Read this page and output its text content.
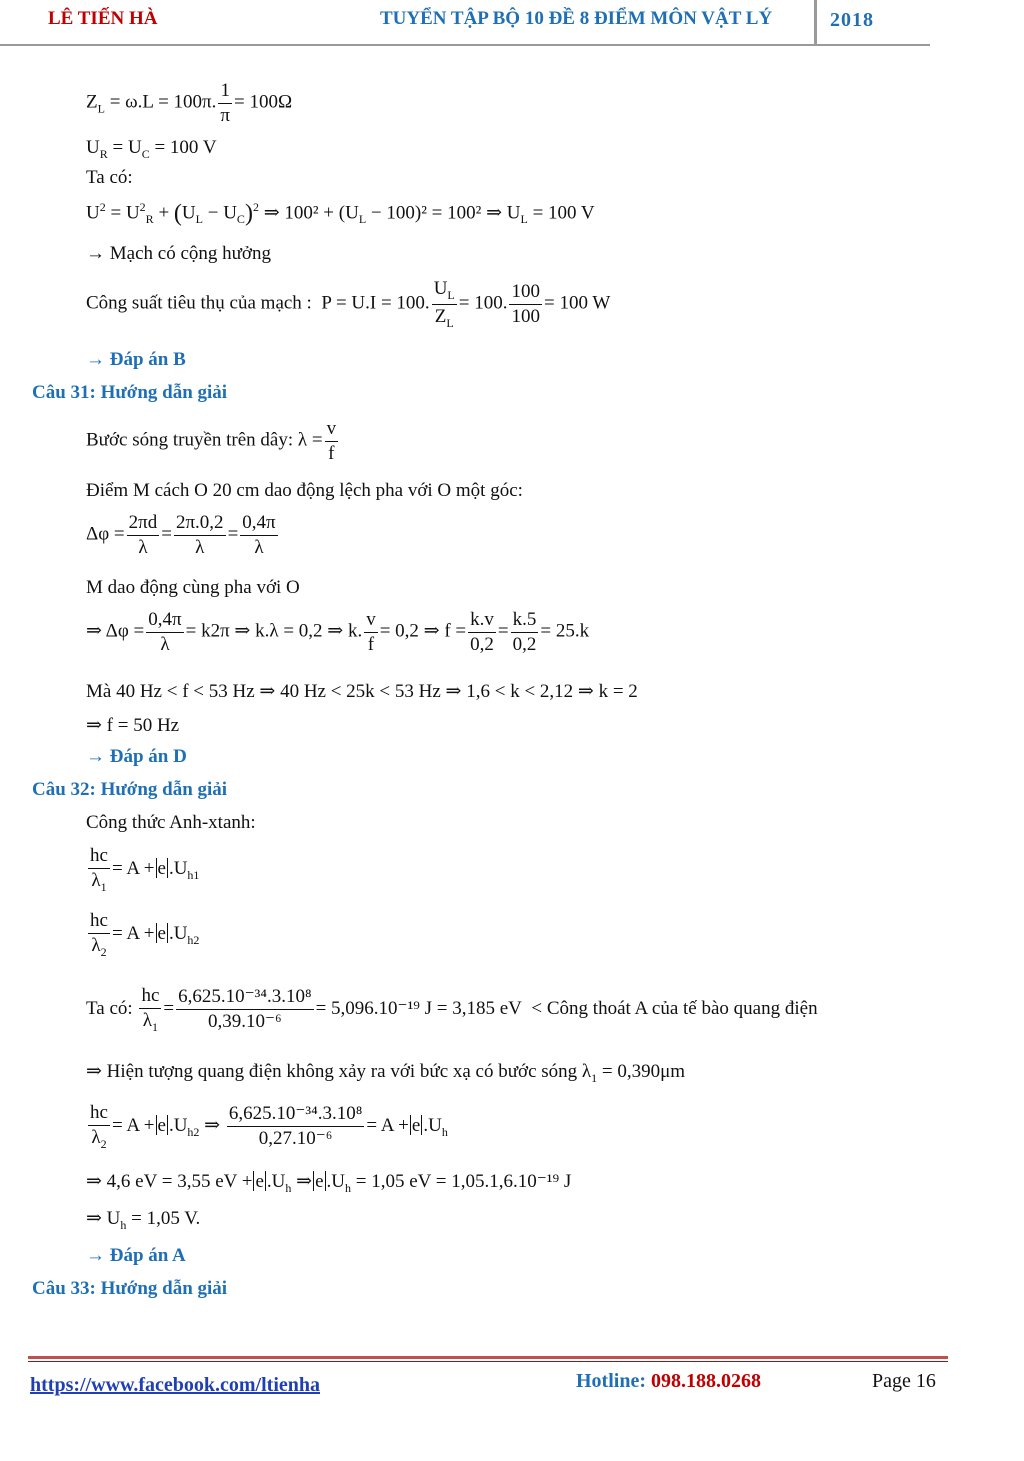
LÊ TIẾN HÀ	TUYỂN TẬP BỘ 10 ĐỀ 8 ĐIỂM MÔN VẬT LÝ	2018
$Z_L = \omega.L = 100\pi$. $\frac{1}{\pi} = 100\Omega$
$U_R = U_C = 100$ V
Ta có:
$U^2 = U^2_R + (U_L - U_C)^2$ ⇒ $100^2 + (U_L - 100)^2 = 100^2$ ⇒ $U_L = 100$ V
→ Mạch có cộng hưởng
Công suất tiêu thụ của mạch : P = U.I = 100. $\frac{U_L}{Z_L} = 100$. $\frac{100}{100} = 100$ W
→ Đáp án B
Câu 31: Hướng dẫn giải
Bước sóng truyền trên dây: $\lambda = \frac{v}{f}$
Điểm M cách O 20 cm dao động lệch pha với O một góc:
$\Delta\varphi = \frac{2\pi d}{\lambda} = \frac{2\pi.0,2}{\lambda} = \frac{0,4\pi}{\lambda}$
M dao động cùng pha với O
⇒ $\Delta\varphi = \frac{0,4\pi}{\lambda} = k2\pi$ ⇒ k.λ = 0,2 ⇒ k. $\frac{v}{f} = 0,2$ ⇒ $f = \frac{k.v}{0,2} = \frac{k.5}{0,2} = 25.k$
Mà 40 Hz < f < 53 Hz ⇒ 40 Hz < 25k < 53 Hz ⇒ 1,6 < k < 2,12 ⇒ k = 2
⇒ f = 50 Hz
→ Đáp án D
Câu 32: Hướng dẫn giải
Công thức Anh-xtanh:
$\frac{hc}{\lambda_1} = A + e$ $.U_{h1}$
$\frac{hc}{\lambda_2} = A + e$ $.U_{h2}$
Ta có: $\frac{hc}{\lambda_1} = \frac{\text{6,625.10⁻³⁴.3.10⁸}}{\text{0,39.10⁻⁶}} = 5,096.10^{-19}$ J = 3,185 eV < Công thoát A của tế bào quang điện
⇒ Hiện tượng quang điện không xảy ra với bức xạ có bước sóng $\lambda_1 = 0,390\mu m$
$\frac{hc}{\lambda_2} = A + e$ $.U_{h2}$ ⇒ $\frac{\text{6,625.10⁻³⁴.3.10⁸}}{\text{0,27.10⁻⁶}} = A + e$ $.U_h$
⇒ 4,6 eV = 3,55 eV + e $.U_h$ ⇒ e $.U_h = 1,05$ eV = 1,05.1,6.10⁻¹⁹ J
⇒ $U_h = 1,05$ V.
→ Đáp án A
Câu 33: Hướng dẫn giải
https://www.facebook.com/ltienha	Hotline: 098.188.0268	Page 16
